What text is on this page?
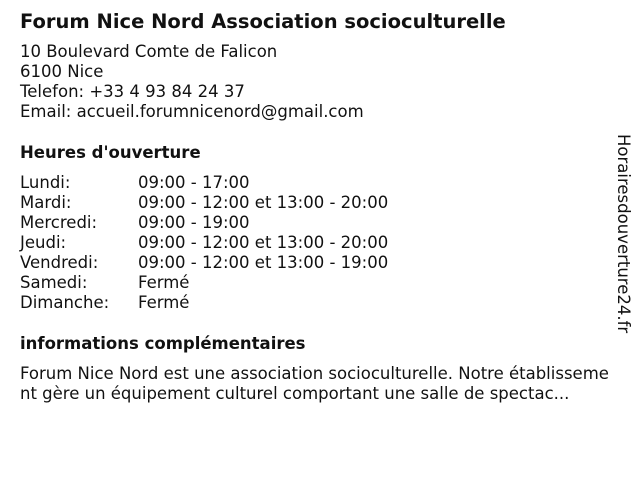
Forum Nice Nord Association socioculturelle
10 Boulevard Comte de Falicon
6100 Nice
Telefon: +33 4 93 84 24 37
Email: accueil.forumnicenord@gmail.com
Heures d'ouverture
Lundi:	09:00 - 17:00
Mardi:	09:00 - 12:00 et 13:00 - 20:00
Mercredi:	09:00 - 19:00
Jeudi:	09:00 - 12:00 et 13:00 - 20:00
Vendredi:	09:00 - 12:00 et 13:00 - 19:00
Samedi:	Fermé
Dimanche:	Fermé
informations complémentaires
Forum Nice Nord est une association socioculturelle. Notre établissement gère un équipement culturel comportant une salle de spectac...
Horairesdouverture24.fr
